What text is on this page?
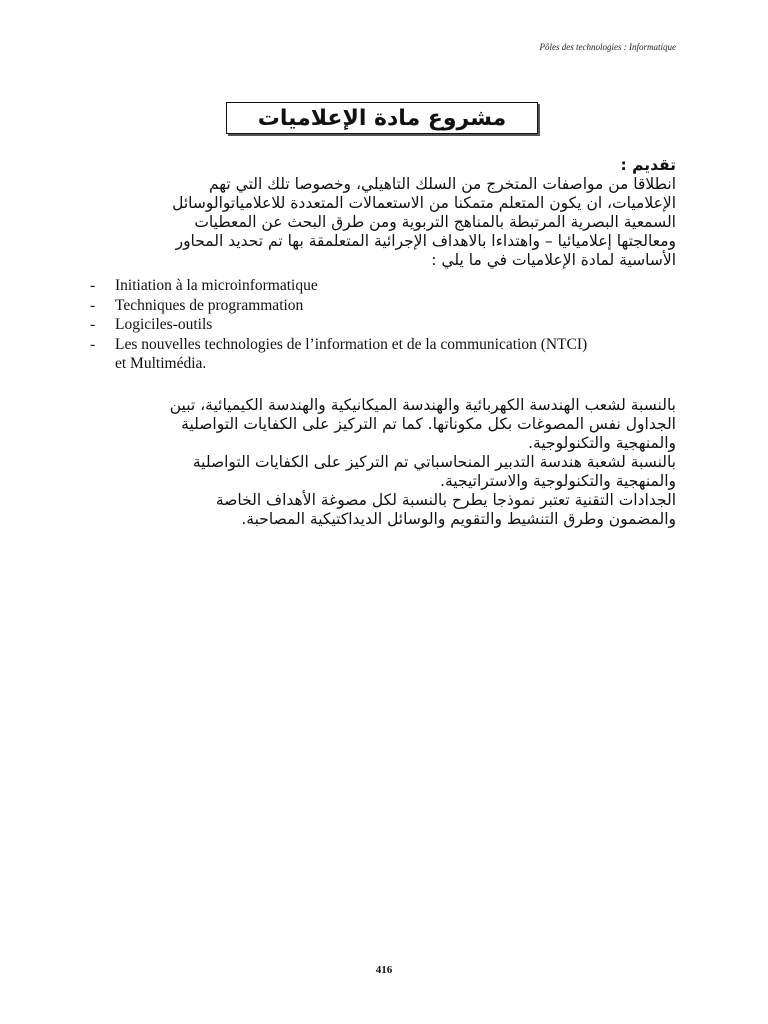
Pôles des technologies : Informatique
مشروع مادة الإعلاميات

تقديم :

انطلاقا من مواصفات المتخرج من السلك التاهيلي، وخصوصا تلك التي تهم

الإعلاميات، ان يكون المتعلم متمكنا من الاستعمالات المتعددة للاعلامياتوالوسائل

السمعية البصرية المرتبطة بالمناهج التربوية ومن طرق البحث عن المعطيات

ومعالجتها إعلاميائيا – واهتداءا بالاهداف الإجرائية المتعلمقة بها تم تحديد المحاور

الأساسية لمادة الإعلاميات في ما يلي :

- Initiation à la microinformatique
- Techniques de programmation
- Logiciles-outils
- Les nouvelles technologies de l’information et de la communication (NTCI)
et Multimédia.

بالنسبة لشعب الهندسة الكهربائية والهندسة الميكانيكية والهندسة الكيميائية، تبين

الجداول نفس المصوغات بكل مكوناتها. كما تم التركيز على الكفايات التواصلية

والمنهجية والتكنولوجية.

بالنسبة لشعبة هندسة التدبير المنحاسباتي تم التركيز على الكفايات التواصلية

والمنهجية والتكنولوجية والاستراتيجية.

الجدادات التقنية تعتبر نموذجا يطرح بالنسبة لكل مصوغة الأهداف الخاصة

والمضمون وطرق التنشيط والتقويم والوسائل الديداكتيكية المصاحبة.

416
